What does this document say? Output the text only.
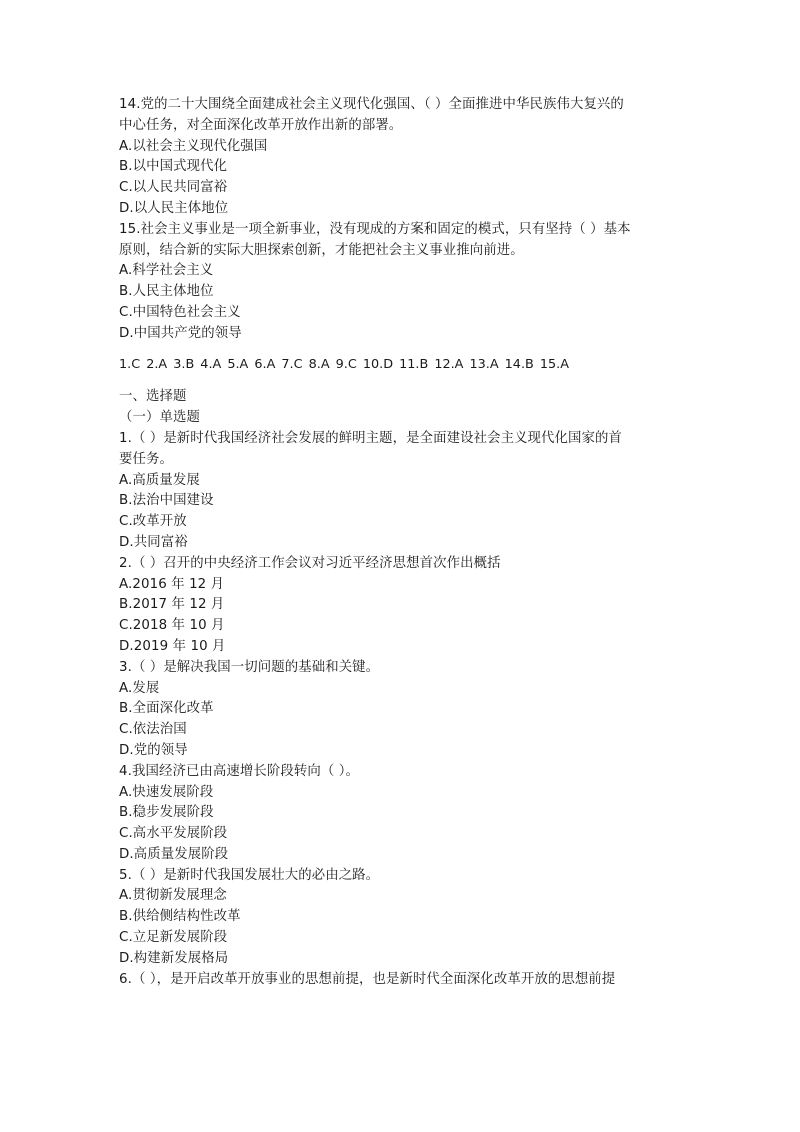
14.党的二十大围绕全面建成社会主义现代化强国、（ ）全面推进中华民族伟大复兴的
中心任务，对全面深化改革开放作出新的部署。
A.以社会主义现代化强国
B.以中国式现代化
C.以人民共同富裕
D.以人民主体地位
15.社会主义事业是一项全新事业，没有现成的方案和固定的模式，只有坚持（ ）基本
原则，结合新的实际大胆探索创新，才能把社会主义事业推向前进。
A.科学社会主义
B.人民主体地位
C.中国特色社会主义
D.中国共产党的领导
1.C 2.A 3.B 4.A 5.A 6.A 7.C 8.A 9.C 10.D 11.B 12.A 13.A 14.B 15.A
一、选择题
（一）单选题
1.（ ）是新时代我国经济社会发展的鲜明主题，是全面建设社会主义现代化国家的首
要任务。
A.高质量发展
B.法治中国建设
C.改革开放
D.共同富裕
2.（ ）召开的中央经济工作会议对习近平经济思想首次作出概括
A.2016 年 12 月
B.2017 年 12 月
C.2018 年 10 月
D.2019 年 10 月
3.（ ）是解决我国一切问题的基础和关键。
A.发展
B.全面深化改革
C.依法治国
D.党的领导
4.我国经济已由高速增长阶段转向（ ）。
A.快速发展阶段
B.稳步发展阶段
C.高水平发展阶段
D.高质量发展阶段
5.（ ）是新时代我国发展壮大的必由之路。
A.贯彻新发展理念
B.供给侧结构性改革
C.立足新发展阶段
D.构建新发展格局
6.（ ），是开启改革开放事业的思想前提，也是新时代全面深化改革开放的思想前提
